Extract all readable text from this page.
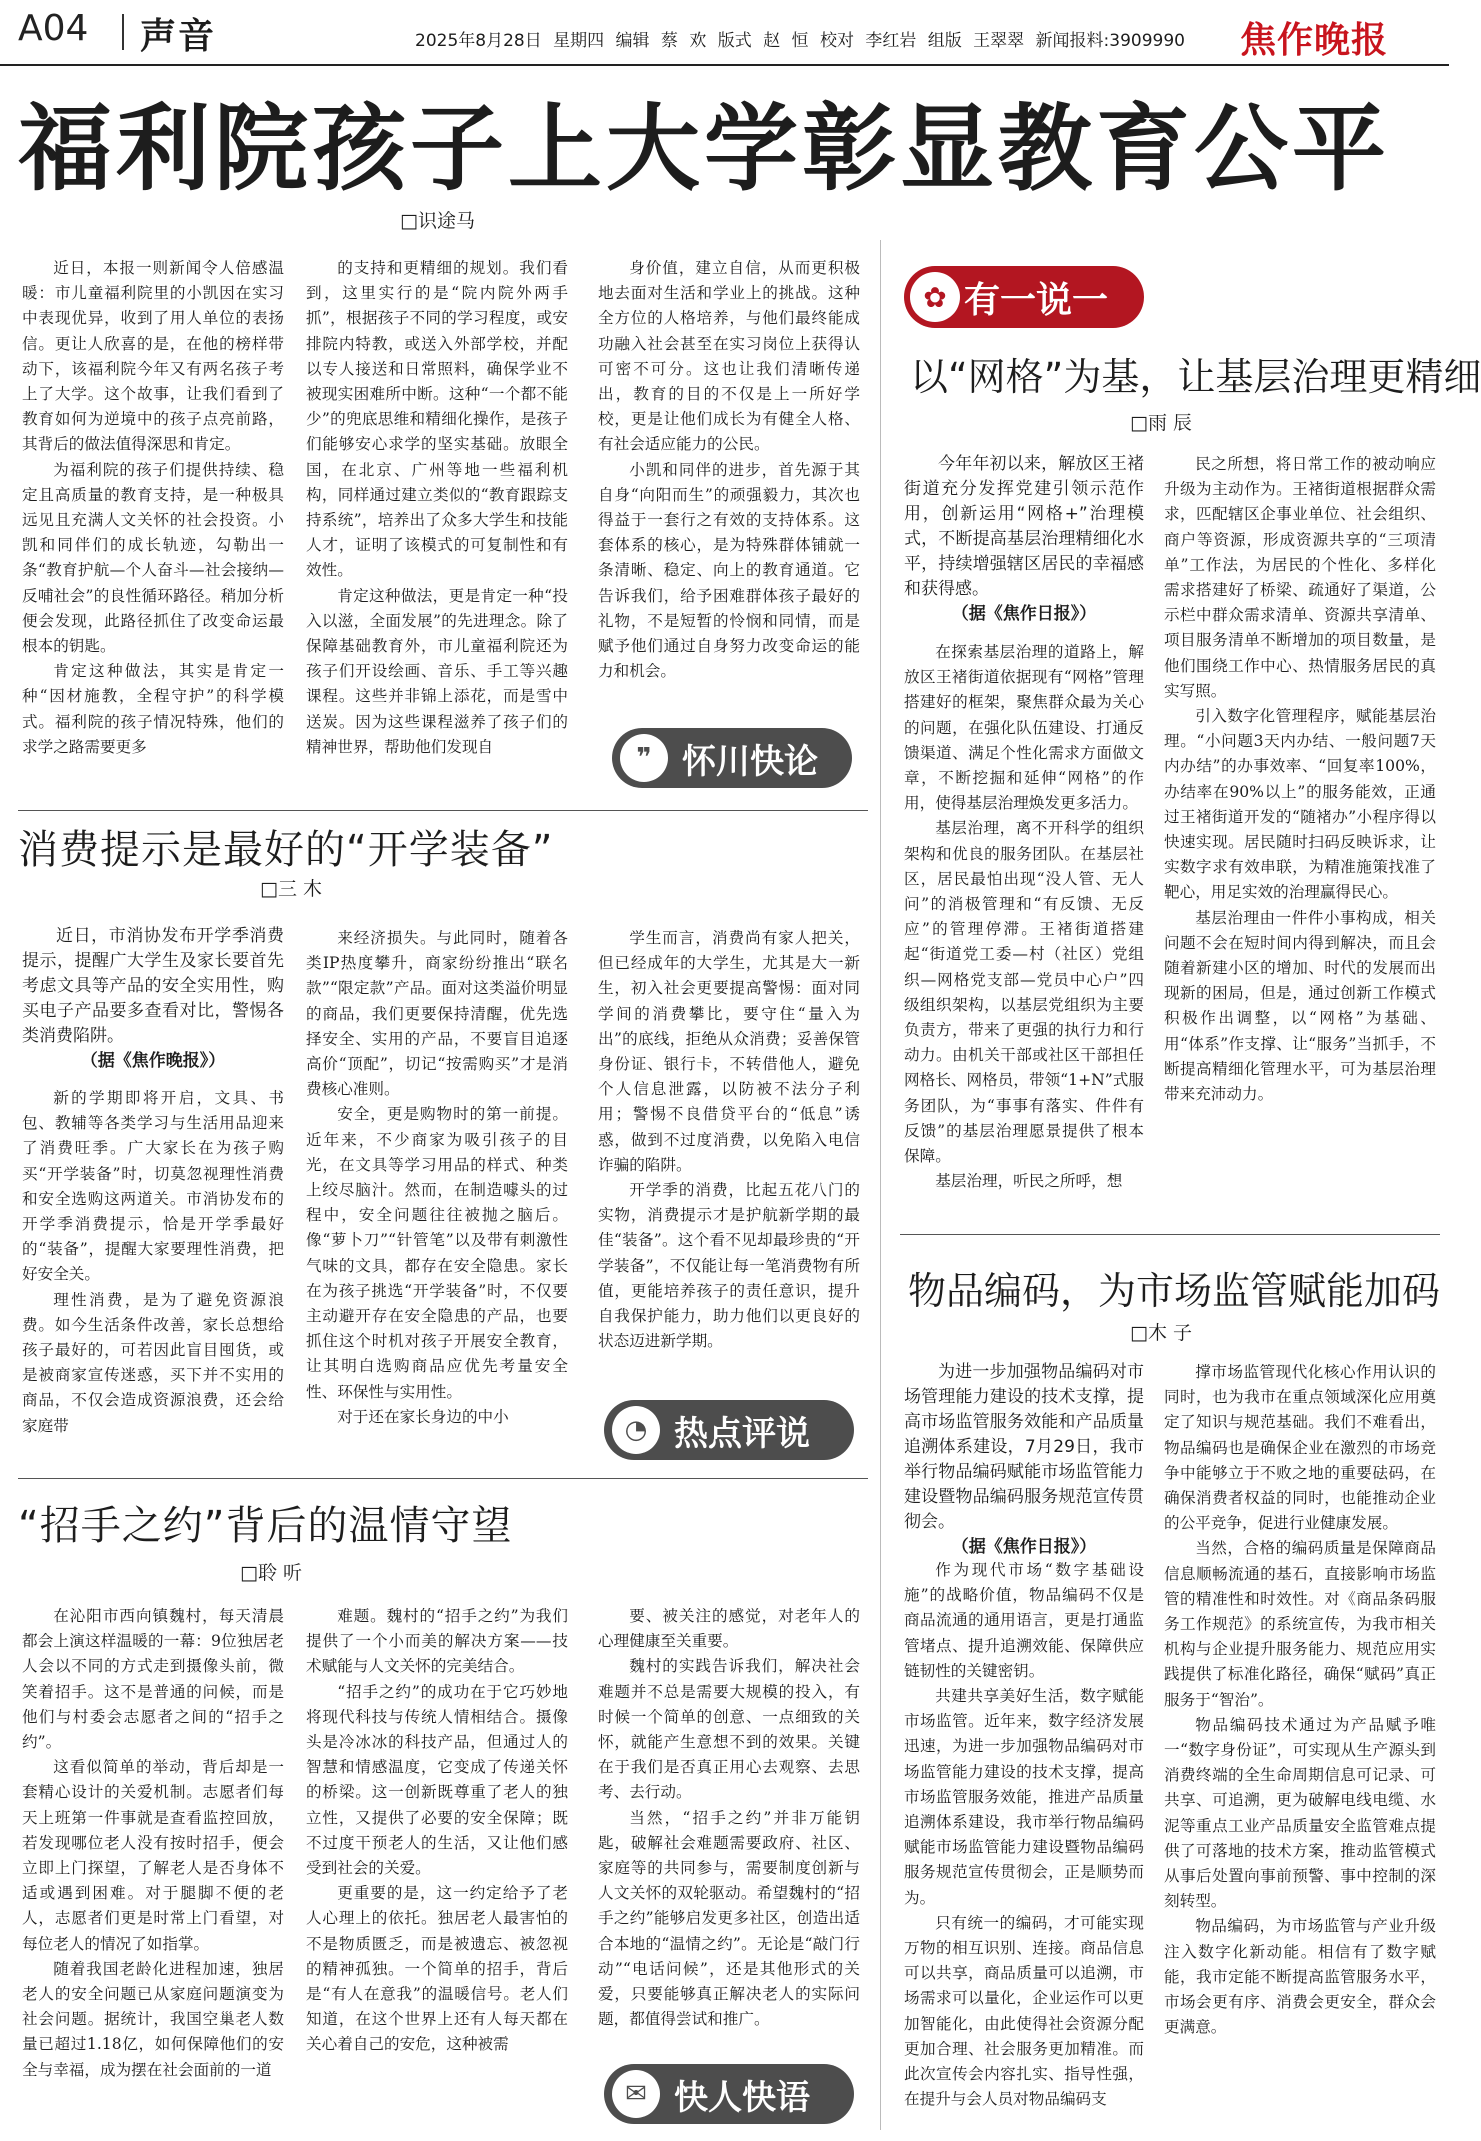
A04 声音	2025年8月28日 星期四 编辑 蔡 欢 版式 赵 恒 校对 李红岩 组版 王翠翠 新闻报料:3909990 焦作晚报
福利院孩子上大学彰显教育公平
□识途马

近日，本报一则新闻令人倍感温暖：市儿童福利院里的小凯因在实习中表现优异，收到了用人单位的表扬信。更让人欣喜的是，在他的榜样带动下，该福利院今年又有两名孩子考上了大学。这个故事，让我们看到了教育如何为逆境中的孩子点亮前路，其背后的做法值得深思和肯定。

为福利院的孩子们提供持续、稳定且高质量的教育支持，是一种极具远见且充满人文关怀的社会投资。小凯和同伴们的成长轨迹，勾勒出一条“教育护航—个人奋斗—社会接纳—反哺社会”的良性循环路径。稍加分析便会发现，此路径抓住了改变命运最根本的钥匙。

肯定这种做法，其实是肯定一种“因材施教，全程守护”的科学模式。福利院的孩子情况特殊，他们的求学之路需要更多

的支持和更精细的规划。我们看到，这里实行的是“院内院外两手抓”，根据孩子不同的学习程度，或安排院内特教，或送入外部学校，并配以专人接送和日常照料，确保学业不被现实困难所中断。这种“一个都不能少”的兜底思维和精细化操作，是孩子们能够安心求学的坚实基础。放眼全国，在北京、广州等地一些福利机构，同样通过建立类似的“教育跟踪支持系统”，培养出了众多大学生和技能人才，证明了该模式的可复制性和有效性。

肯定这种做法，更是肯定一种“投入以滋，全面发展”的先进理念。除了保障基础教育外，市儿童福利院还为孩子们开设绘画、音乐、手工等兴趣课程。这些并非锦上添花，而是雪中送炭。因为这些课程滋养了孩子们的精神世界，帮助他们发现自

身价值，建立自信，从而更积极地去面对生活和学业上的挑战。这种全方位的人格培养，与他们最终能成功融入社会甚至在实习岗位上获得认可密不可分。这也让我们清晰传递出，教育的目的不仅是上一所好学校，更是让他们成长为有健全人格、有社会适应能力的公民。

小凯和同伴的进步，首先源于其自身“向阳而生”的顽强毅力，其次也得益于一套行之有效的支持体系。这套体系的核心，是为特殊群体铺就一条清晰、稳定、向上的教育通道。它告诉我们，给予困难群体孩子最好的礼物，不是短暂的怜悯和同情，而是赋予他们通过自身努力改变命运的能力和机会。

❞ 怀川快论
消费提示是最好的“开学装备”
□三 木
近日，市消协发布开学季消费提示，提醒广大学生及家长要首先考虑文具等产品的安全实用性，购买电子产品要多查看对比，警惕各类消费陷阱。
（据《焦作晚报》）

新的学期即将开启，文具、书包、教辅等各类学习与生活用品迎来了消费旺季。广大家长在为孩子购买“开学装备”时，切莫忽视理性消费和安全选购这两道关。市消协发布的开学季消费提示，恰是开学季最好的“装备”，提醒大家要理性消费，把好安全关。

理性消费，是为了避免资源浪费。如今生活条件改善，家长总想给孩子最好的，可若因此盲目囤货，或是被商家宣传迷惑，买下并不实用的商品，不仅会造成资源浪费，还会给家庭带

来经济损失。与此同时，随着各类IP热度攀升，商家纷纷推出“联名款”“限定款”产品。面对这类溢价明显的商品，我们更要保持清醒，优先选择安全、实用的产品，不要盲目追逐高价“顶配”，切记“按需购买”才是消费核心准则。

安全，更是购物时的第一前提。近年来，不少商家为吸引孩子的目光，在文具等学习用品的样式、种类上绞尽脑汁。然而，在制造噱头的过程中，安全问题往往被抛之脑后。像“萝卜刀”“针管笔”以及带有刺激性气味的文具，都存在安全隐患。家长在为孩子挑选“开学装备”时，不仅要主动避开存在安全隐患的产品，也要抓住这个时机对孩子开展安全教育，让其明白选购商品应优先考量安全性、环保性与实用性。

对于还在家长身边的中小

学生而言，消费尚有家人把关，但已经成年的大学生，尤其是大一新生，初入社会更要提高警惕：面对同学间的消费攀比，要守住“量入为出”的底线，拒绝从众消费；妥善保管身份证、银行卡，不转借他人，避免个人信息泄露，以防被不法分子利用；警惕不良借贷平台的“低息”诱惑，做到不过度消费，以免陷入电信诈骗的陷阱。

开学季的消费，比起五花八门的实物，消费提示才是护航新学期的最佳“装备”。这个看不见却最珍贵的“开学装备”，不仅能让每一笔消费物有所值，更能培养孩子的责任意识，提升自我保护能力，助力他们以更良好的状态迈进新学期。

◔ 热点评说
“招手之约”背后的温情守望
□聆 听

在沁阳市西向镇魏村，每天清晨都会上演这样温暖的一幕：9位独居老人会以不同的方式走到摄像头前，微笑着招手。这不是普通的问候，而是他们与村委会志愿者之间的“招手之约”。

这看似简单的举动，背后却是一套精心设计的关爱机制。志愿者们每天上班第一件事就是查看监控回放，若发现哪位老人没有按时招手，便会立即上门探望，了解老人是否身体不适或遇到困难。对于腿脚不便的老人，志愿者们更是时常上门看望，对每位老人的情况了如指掌。

随着我国老龄化进程加速，独居老人的安全问题已从家庭问题演变为社会问题。据统计，我国空巢老人数量已超过1.18亿，如何保障他们的安全与幸福，成为摆在社会面前的一道

难题。魏村的“招手之约”为我们提供了一个小而美的解决方案——技术赋能与人文关怀的完美结合。

“招手之约”的成功在于它巧妙地将现代科技与传统人情相结合。摄像头是冷冰冰的科技产品，但通过人的智慧和情感温度，它变成了传递关怀的桥梁。这一创新既尊重了老人的独立性，又提供了必要的安全保障；既不过度干预老人的生活，又让他们感受到社会的关爱。

更重要的是，这一约定给予了老人心理上的依托。独居老人最害怕的不是物质匮乏，而是被遗忘、被忽视的精神孤独。一个简单的招手，背后是“有人在意我”的温暖信号。老人们知道，在这个世界上还有人每天都在关心着自己的安危，这种被需

要、被关注的感觉，对老年人的心理健康至关重要。

魏村的实践告诉我们，解决社会难题并不总是需要大规模的投入，有时候一个简单的创意、一点细致的关怀，就能产生意想不到的效果。关键在于我们是否真正用心去观察、去思考、去行动。

当然，“招手之约”并非万能钥匙，破解社会难题需要政府、社区、家庭等的共同参与，需要制度创新与人文关怀的双轮驱动。希望魏村的“招手之约”能够启发更多社区，创造出适合本地的“温情之约”。无论是“敲门行动”“电话问候”，还是其他形式的关爱，只要能够真正解决老人的实际问题，都值得尝试和推广。

✉ 快人快语
✿ 有一说一
以“网格”为基，让基层治理更精细
□雨 辰
今年年初以来，解放区王褚街道充分发挥党建引领示范作用，创新运用“网格+”治理模式，不断提高基层治理精细化水平，持续增强辖区居民的幸福感和获得感。
（据《焦作日报》）

在探索基层治理的道路上，解放区王褚街道依据现有“网格”管理搭建好的框架，聚焦群众最为关心的问题，在强化队伍建设、打通反馈渠道、满足个性化需求方面做文章，不断挖掘和延伸“网格”的作用，使得基层治理焕发更多活力。

基层治理，离不开科学的组织架构和优良的服务团队。在基层社区，居民最怕出现“没人管、无人问”的消极管理和“有反馈、无反应”的管理停滞。王褚街道搭建起“街道党工委—村（社区）党组织—网格党支部—党员中心户”四级组织架构，以基层党组织为主要负责方，带来了更强的执行力和行动力。由机关干部或社区干部担任网格长、网格员，带领“1+N”式服务团队，为“事事有落实、件件有反馈”的基层治理愿景提供了根本保障。

基层治理，听民之所呼，想

民之所想，将日常工作的被动响应升级为主动作为。王褚街道根据群众需求，匹配辖区企事业单位、社会组织、商户等资源，形成资源共享的“三项清单”工作法，为居民的个性化、多样化需求搭建好了桥梁、疏通好了渠道，公示栏中群众需求清单、资源共享清单、项目服务清单不断增加的项目数量，是他们围绕工作中心、热情服务居民的真实写照。

引入数字化管理程序，赋能基层治理。“小问题3天内办结、一般问题7天内办结”的办事效率、“回复率100%，办结率在90%以上”的服务能效，正通过王褚街道开发的“随褚办”小程序得以快速实现。居民随时扫码反映诉求，让实数字求有效串联，为精准施策找准了靶心，用足实效的治理赢得民心。

基层治理由一件件小事构成，相关问题不会在短时间内得到解决，而且会随着新建小区的增加、时代的发展而出现新的困局，但是，通过创新工作模式积极作出调整，以“网格”为基础、用“体系”作支撑、让“服务”当抓手，不断提高精细化管理水平，可为基层治理带来充沛动力。

物品编码，为市场监管赋能加码
□木 子
为进一步加强物品编码对市场管理能力建设的技术支撑，提高市场监管服务效能和产品质量追溯体系建设，7月29日，我市举行物品编码赋能市场监管能力建设暨物品编码服务规范宣传贯彻会。
（据《焦作日报》）

作为现代市场“数字基础设施”的战略价值，物品编码不仅是商品流通的通用语言，更是打通监管堵点、提升追溯效能、保障供应链韧性的关键密钥。

共建共享美好生活，数字赋能市场监管。近年来，数字经济发展迅速，为进一步加强物品编码对市场监管能力建设的技术支撑，提高市场监管服务效能，推进产品质量追溯体系建设，我市举行物品编码赋能市场监管能力建设暨物品编码服务规范宣传贯彻会，正是顺势而为。

只有统一的编码，才可能实现万物的相互识别、连接。商品信息可以共享，商品质量可以追溯，市场需求可以量化，企业运作可以更加智能化，由此使得社会资源分配更加合理、社会服务更加精准。而此次宣传会内容扎实、指导性强，在提升与会人员对物品编码支

撑市场监管现代化核心作用认识的同时，也为我市在重点领域深化应用奠定了知识与规范基础。我们不难看出，物品编码也是确保企业在激烈的市场竞争中能够立于不败之地的重要砝码，在确保消费者权益的同时，也能推动企业的公平竞争，促进行业健康发展。

当然，合格的编码质量是保障商品信息顺畅流通的基石，直接影响市场监管的精准性和时效性。对《商品条码服务工作规范》的系统宣传，为我市相关机构与企业提升服务能力、规范应用实践提供了标准化路径，确保“赋码”真正服务于“智治”。

物品编码技术通过为产品赋予唯一“数字身份证”，可实现从生产源头到消费终端的全生命周期信息可记录、可共享、可追溯，更为破解电线电缆、水泥等重点工业产品质量安全监管难点提供了可落地的技术方案，推动监管模式从事后处置向事前预警、事中控制的深刻转型。

物品编码，为市场监管与产业升级注入数字化新动能。相信有了数字赋能，我市定能不断提高监管服务水平，市场会更有序、消费会更安全，群众会更满意。
